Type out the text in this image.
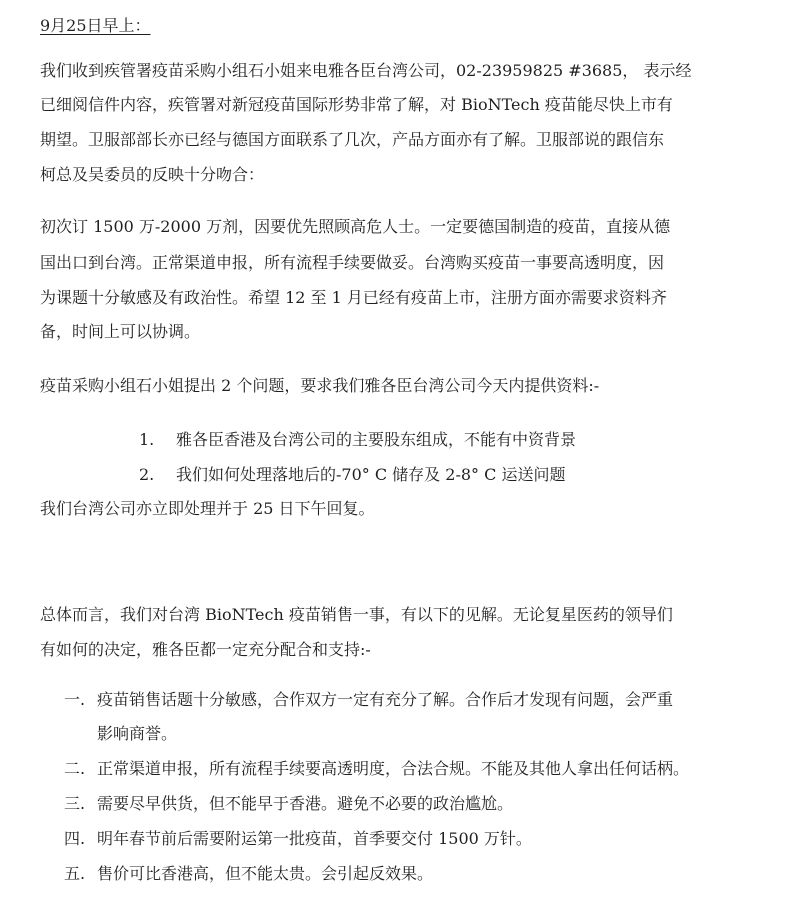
9月25日早上：
我们收到疾管署疫苗采购小组石小姐来电雅各臣台湾公司，02-23959825 #3685， 表示经
已细阅信件内容，疾管署对新冠疫苗国际形势非常了解，对 BioNTech 疫苗能尽快上市有
期望。卫服部部长亦已经与德国方面联系了几次，产品方面亦有了解。卫服部说的跟信东
柯总及吴委员的反映十分吻合：
初次订 1500 万-2000 万剂，因要优先照顾高危人士。一定要德国制造的疫苗，直接从德
国出口到台湾。正常渠道申报，所有流程手续要做妥。台湾购买疫苗一事要高透明度，因
为课题十分敏感及有政治性。希望 12 至 1 月已经有疫苗上市，注册方面亦需要求资料齐
备，时间上可以协调。
疫苗采购小组石小姐提出 2 个问题，要求我们雅各臣台湾公司今天内提供资料:-
1. 雅各臣香港及台湾公司的主要股东组成，不能有中资背景
2. 我们如何处理落地后的-70° C 储存及 2-8° C 运送问题
我们台湾公司亦立即处理并于 25 日下午回复。
总体而言，我们对台湾 BioNTech 疫苗销售一事，有以下的见解。无论复星医药的领导们
有如何的决定，雅各臣都一定充分配合和支持:-
一. 疫苗销售话题十分敏感，合作双方一定有充分了解。合作后才发现有问题，会严重
影响商誉。
二. 正常渠道申报，所有流程手续要高透明度，合法合规。不能及其他人拿出任何话柄。
三. 需要尽早供货，但不能早于香港。避免不必要的政治尴尬。
四. 明年春节前后需要附运第一批疫苗，首季要交付 1500 万针。
五. 售价可比香港高，但不能太贵。会引起反效果。
